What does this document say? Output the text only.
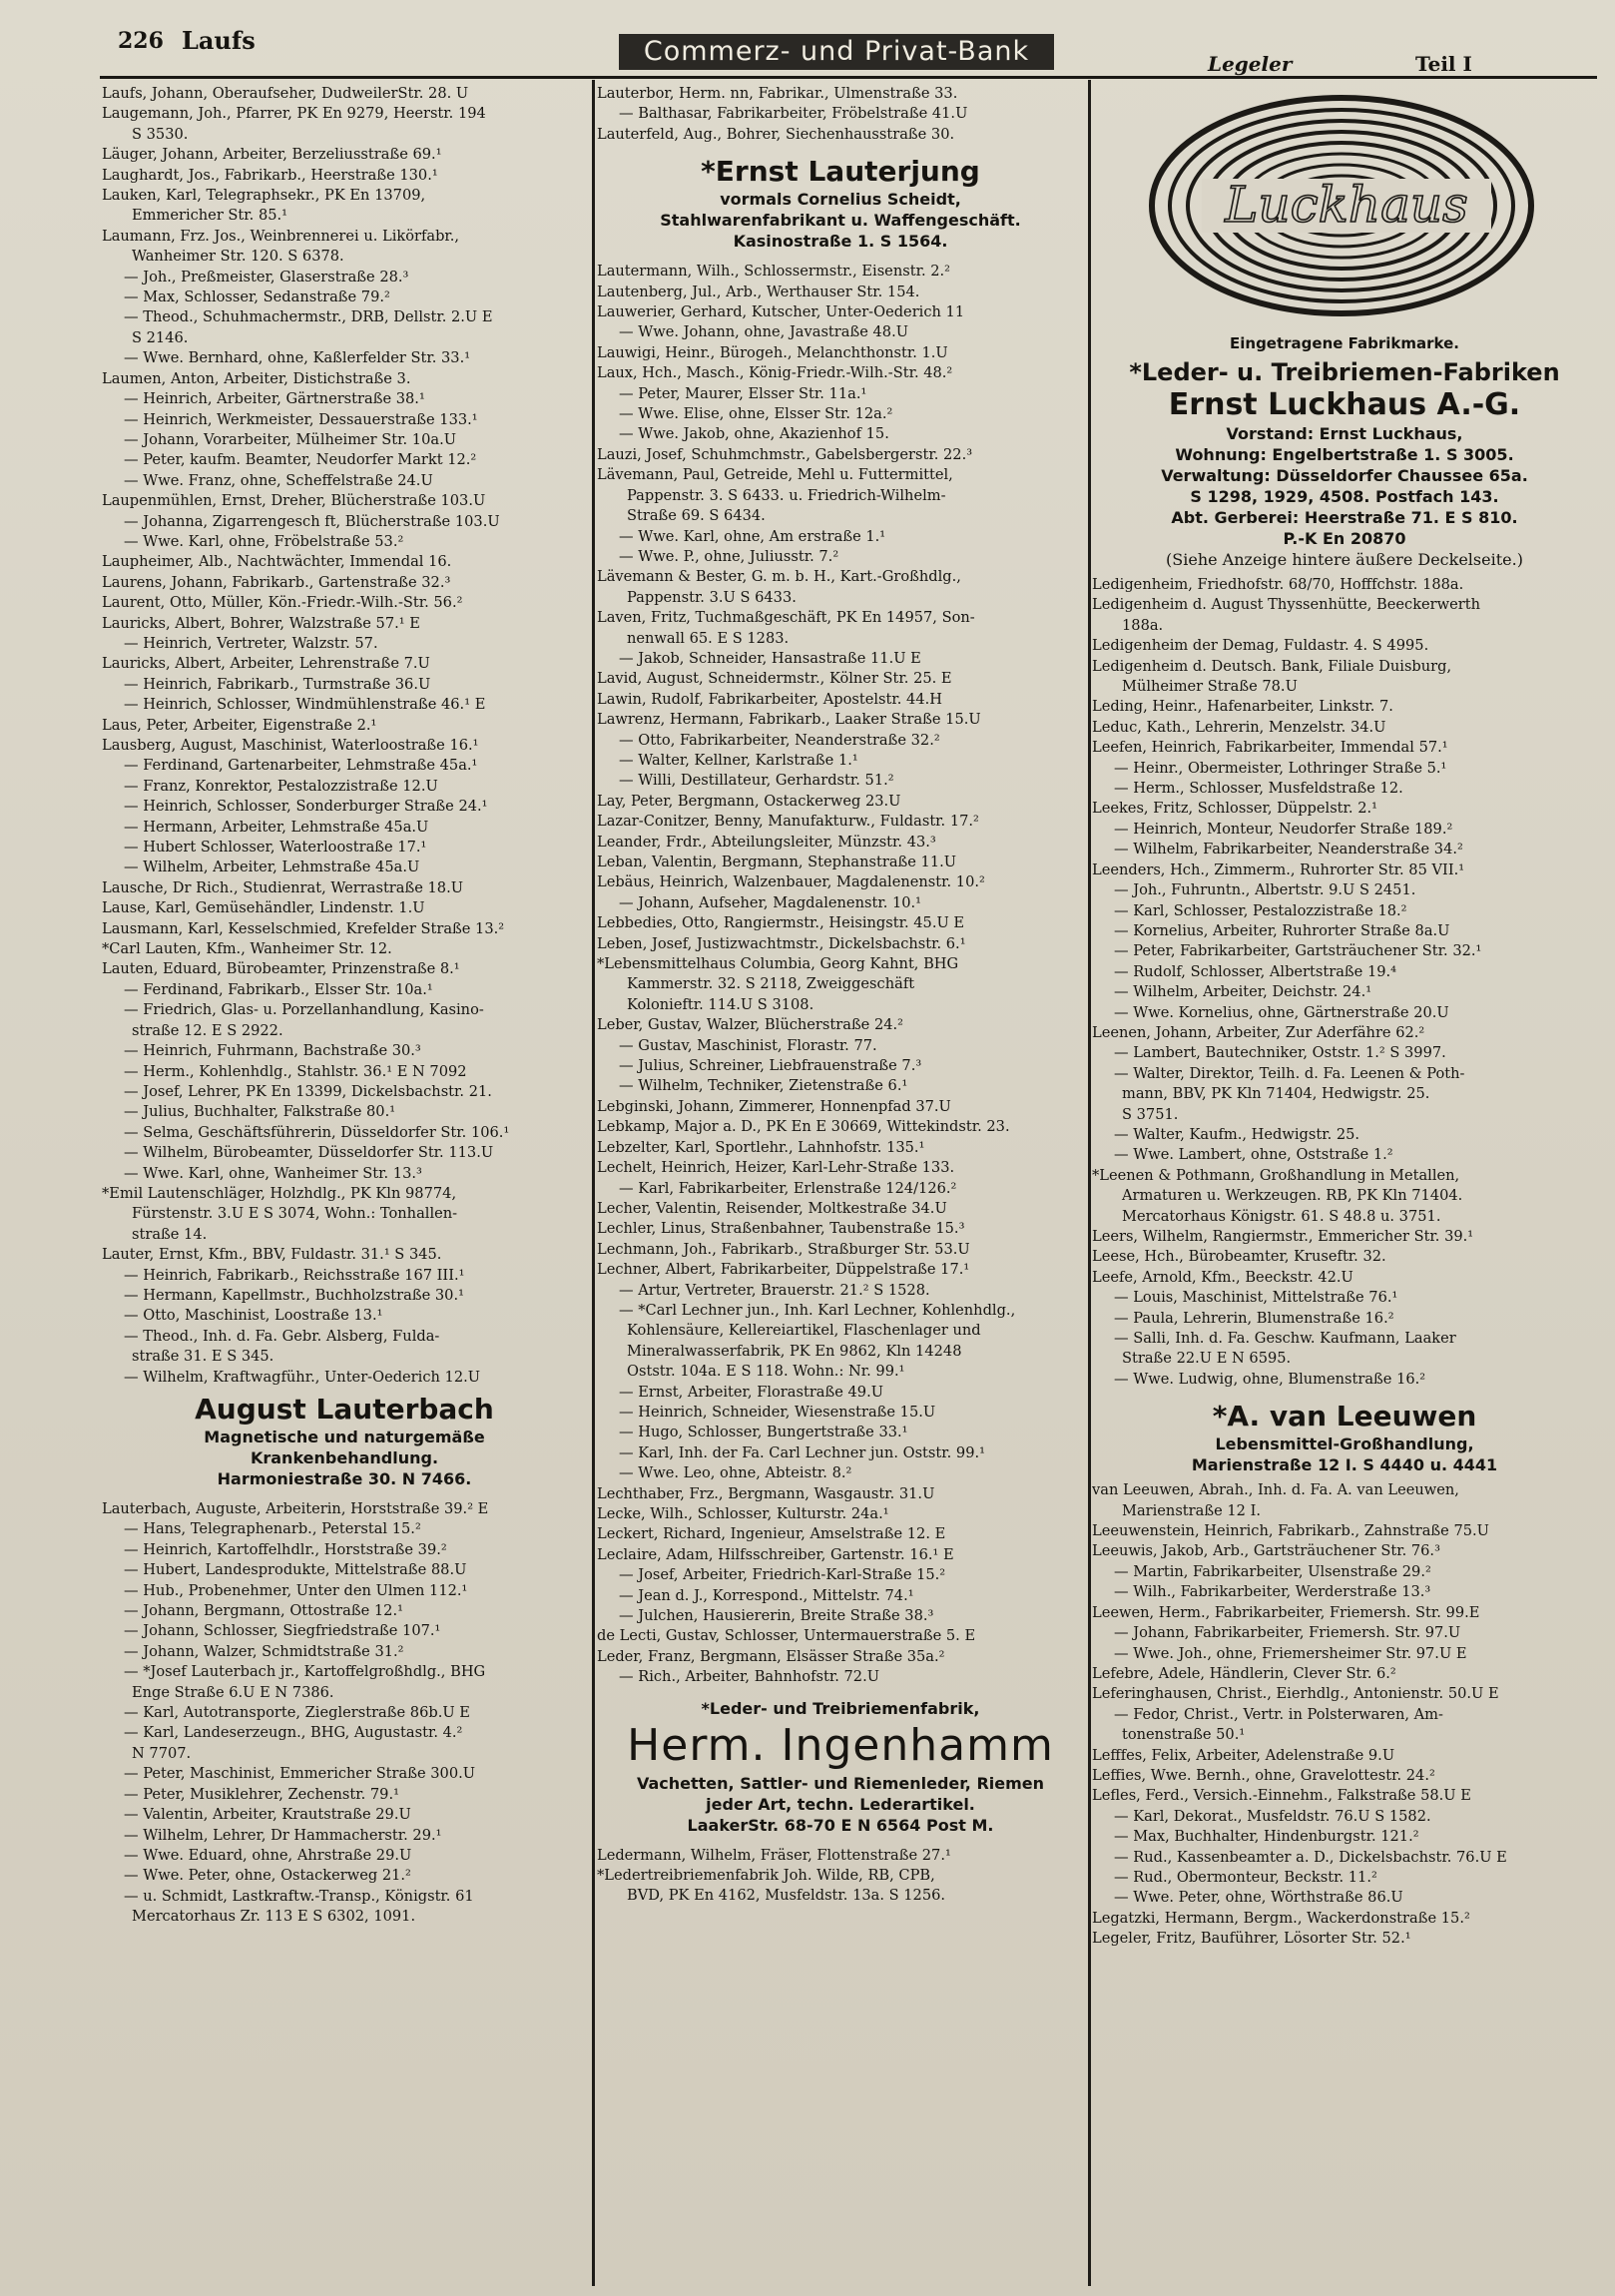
226 Laufs	Commerz- und Privat-Bank	Legeler	Teil I
Laufs, Johann, Oberaufseher, DudweilerStr. 28. U
Laugemann, Joh., Pfarrer, PK En 9279, Heerstr. 194
S 3530.
Läuger, Johann, Arbeiter, Berzeliusstraße 69.¹
Laughardt, Jos., Fabrikarb., Heerstraße 130.¹
Lauken, Karl, Telegraphsekr., PK En 13709,
Emmericher Str. 85.¹
Laumann, Frz. Jos., Weinbrennerei u. Likörfabr.,
Wanheimer Str. 120. S 6378.
— Joh., Preßmeister, Glaserstraße 28.³
— Max, Schlosser, Sedanstraße 79.²
— Theod., Schuhmachermstr., DRB, Dellstr. 2.U E
S 2146.
— Wwe. Bernhard, ohne, Kaßlerfelder Str. 33.¹
Laumen, Anton, Arbeiter, Distichstraße 3.
— Heinrich, Arbeiter, Gärtnerstraße 38.¹
— Heinrich, Werkmeister, Dessauerstraße 133.¹
— Johann, Vorarbeiter, Mülheimer Str. 10a.U
— Peter, kaufm. Beamter, Neudorfer Markt 12.²
— Wwe. Franz, ohne, Scheffelstraße 24.U
Laupenmühlen, Ernst, Dreher, Blücherstraße 103.U
— Johanna, Zigarrengesch ft, Blücherstraße 103.U
— Wwe. Karl, ohne, Fröbelstraße 53.²
Laupheimer, Alb., Nachtwächter, Immendal 16.
Laurens, Johann, Fabrikarb., Gartenstraße 32.³
Laurent, Otto, Müller, Kön.-Friedr.-Wilh.-Str. 56.²
Lauricks, Albert, Bohrer, Walzstraße 57.¹ E
— Heinrich, Vertreter, Walzstr. 57.
Lauricks, Albert, Arbeiter, Lehrenstraße 7.U
— Heinrich, Fabrikarb., Turmstraße 36.U
— Heinrich, Schlosser, Windmühlenstraße 46.¹ E
Laus, Peter, Arbeiter, Eigenstraße 2.¹
Lausberg, August, Maschinist, Waterloostraße 16.¹
— Ferdinand, Gartenarbeiter, Lehmstraße 45a.¹
— Franz, Konrektor, Pestalozzistraße 12.U
— Heinrich, Schlosser, Sonderburger Straße 24.¹
— Hermann, Arbeiter, Lehmstraße 45a.U
— Hubert Schlosser, Waterloostraße 17.¹
— Wilhelm, Arbeiter, Lehmstraße 45a.U
Lausche, Dr Rich., Studienrat, Werrastraße 18.U
Lause, Karl, Gemüsehändler, Lindenstr. 1.U
Lausmann, Karl, Kesselschmied, Krefelder Straße 13.²
*Carl Lauten, Kfm., Wanheimer Str. 12.
Lauten, Eduard, Bürobeamter, Prinzenstraße 8.¹
— Ferdinand, Fabrikarb., Elsser Str. 10a.¹
— Friedrich, Glas- u. Porzellanhandlung, Kasino-
straße 12. E S 2922.
— Heinrich, Fuhrmann, Bachstraße 30.³
— Herm., Kohlenhdlg., Stahlstr. 36.¹ E N 7092
— Josef, Lehrer, PK En 13399, Dickelsbachstr. 21.
— Julius, Buchhalter, Falkstraße 80.¹
— Selma, Geschäftsführerin, Düsseldorfer Str. 106.¹
— Wilhelm, Bürobeamter, Düsseldorfer Str. 113.U
— Wwe. Karl, ohne, Wanheimer Str. 13.³
*Emil Lautenschläger, Holzhdlg., PK Kln 98774,
Fürstenstr. 3.U E S 3074, Wohn.: Tonhallen-
straße 14.
Lauter, Ernst, Kfm., BBV, Fuldastr. 31.¹ S 345.
— Heinrich, Fabrikarb., Reichsstraße 167 III.¹
— Hermann, Kapellmstr., Buchholzstraße 30.¹
— Otto, Maschinist, Loostraße 13.¹
— Theod., Inh. d. Fa. Gebr. Alsberg, Fulda-
straße 31. E S 345.
— Wilhelm, Kraftwagführ., Unter-Oederich 12.U
August Lauterbach
Magnetische und naturgemäße
Krankenbehandlung.
Harmoniestraße 30. N 7466.
Lauterbach, Auguste, Arbeiterin, Horststraße 39.² E
— Hans, Telegraphenarb., Peterstal 15.²
— Heinrich, Kartoffelhdlr., Horststraße 39.²
— Hubert, Landesprodukte, Mittelstraße 88.U
— Hub., Probenehmer, Unter den Ulmen 112.¹
— Johann, Bergmann, Ottostraße 12.¹
— Johann, Schlosser, Siegfriedstraße 107.¹
— Johann, Walzer, Schmidtstraße 31.²
— *Josef Lauterbach jr., Kartoffelgroßhdlg., BHG
Enge Straße 6.U E N 7386.
— Karl, Autotransporte, Zieglerstraße 86b.U E
— Karl, Landeserzeugn., BHG, Augustastr. 4.²
N 7707.
— Peter, Maschinist, Emmericher Straße 300.U
— Peter, Musiklehrer, Zechenstr. 79.¹
— Valentin, Arbeiter, Krautstraße 29.U
— Wilhelm, Lehrer, Dr Hammacherstr. 29.¹
— Wwe. Eduard, ohne, Ahrstraße 29.U
— Wwe. Peter, ohne, Ostackerweg 21.²
— u. Schmidt, Lastkraftw.-Transp., Königstr. 61
Mercatorhaus Zr. 113 E S 6302, 1091.
Lauterbor, Herm. nn, Fabrikar., Ulmenstraße 33.
— Balthasar, Fabrikarbeiter, Fröbelstraße 41.U
Lauterfeld, Aug., Bohrer, Siechenhausstraße 30.
*Ernst Lauterjung
vormals Cornelius Scheidt,
Stahlwarenfabrikant u. Waffengeschäft.
Kasinostraße 1. S 1564.
Lautermann, Wilh., Schlossermstr., Eisenstr. 2.²
Lautenberg, Jul., Arb., Werthauser Str. 154.
Lauwerier, Gerhard, Kutscher, Unter-Oederich 11
— Wwe. Johann, ohne, Javastraße 48.U
Lauwigi, Heinr., Bürogeh., Melanchthonstr. 1.U
Laux, Hch., Masch., König-Friedr.-Wilh.-Str. 48.²
— Peter, Maurer, Elsser Str. 11a.¹
— Wwe. Elise, ohne, Elsser Str. 12a.²
— Wwe. Jakob, ohne, Akazienhof 15.
Lauzi, Josef, Schuhmchmstr., Gabelsbergerstr. 22.³
Lävemann, Paul, Getreide, Mehl u. Futtermittel,
Pappenstr. 3. S 6433. u. Friedrich-Wilhelm-
Straße 69. S 6434.
— Wwe. Karl, ohne, Am erstraße 1.¹
— Wwe. P., ohne, Juliusstr. 7.²
Lävemann & Bester, G. m. b. H., Kart.-Großhdlg.,
Pappenstr. 3.U S 6433.
Laven, Fritz, Tuchmaßgeschäft, PK En 14957, Son-
nenwall 65. E S 1283.
— Jakob, Schneider, Hansastraße 11.U E
Lavid, August, Schneidermstr., Kölner Str. 25. E
Lawin, Rudolf, Fabrikarbeiter, Apostelstr. 44.H
Lawrenz, Hermann, Fabrikarb., Laaker Straße 15.U
— Otto, Fabrikarbeiter, Neanderstraße 32.²
— Walter, Kellner, Karlstraße 1.¹
— Willi, Destillateur, Gerhardstr. 51.²
Lay, Peter, Bergmann, Ostackerweg 23.U
Lazar-Conitzer, Benny, Manufakturw., Fuldastr. 17.²
Leander, Frdr., Abteilungsleiter, Münzstr. 43.³
Leban, Valentin, Bergmann, Stephanstraße 11.U
Lebäus, Heinrich, Walzenbauer, Magdalenenstr. 10.²
— Johann, Aufseher, Magdalenenstr. 10.¹
Lebbedies, Otto, Rangiermstr., Heisingstr. 45.U E
Leben, Josef, Justizwachtmstr., Dickelsbachstr. 6.¹
*Lebensmittelhaus Columbia, Georg Kahnt, BHG
Kammerstr. 32. S 2118, Zweiggeschäft
Kolonieftr. 114.U S 3108.
Leber, Gustav, Walzer, Blücherstraße 24.²
— Gustav, Maschinist, Florastr. 77.
— Julius, Schreiner, Liebfrauenstraße 7.³
— Wilhelm, Techniker, Zietenstraße 6.¹
Lebginski, Johann, Zimmerer, Honnenpfad 37.U
Lebkamp, Major a. D., PK En E 30669, Wittekindstr. 23.
Lebzelter, Karl, Sportlehr., Lahnhofstr. 135.¹
Lechelt, Heinrich, Heizer, Karl-Lehr-Straße 133.
— Karl, Fabrikarbeiter, Erlenstraße 124/126.²
Lecher, Valentin, Reisender, Moltkestraße 34.U
Lechler, Linus, Straßenbahner, Taubenstraße 15.³
Lechmann, Joh., Fabrikarb., Straßburger Str. 53.U
Lechner, Albert, Fabrikarbeiter, Düppelstraße 17.¹
— Artur, Vertreter, Brauerstr. 21.² S 1528.
— *Carl Lechner jun., Inh. Karl Lechner, Kohlenhdlg.,
Kohlensäure, Kellereiartikel, Flaschenlager und
Mineralwasserfabrik, PK En 9862, Kln 14248
Oststr. 104a. E S 118. Wohn.: Nr. 99.¹
— Ernst, Arbeiter, Florastraße 49.U
— Heinrich, Schneider, Wiesenstraße 15.U
— Hugo, Schlosser, Bungertstraße 33.¹
— Karl, Inh. der Fa. Carl Lechner jun. Oststr. 99.¹
— Wwe. Leo, ohne, Abteistr. 8.²
Lechthaber, Frz., Bergmann, Wasgaustr. 31.U
Lecke, Wilh., Schlosser, Kulturstr. 24a.¹
Leckert, Richard, Ingenieur, Amselstraße 12. E
Leclaire, Adam, Hilfsschreiber, Gartenstr. 16.¹ E
— Josef, Arbeiter, Friedrich-Karl-Straße 15.²
— Jean d. J., Korrespond., Mittelstr. 74.¹
— Julchen, Hausiererin, Breite Straße 38.³
de Lecti, Gustav, Schlosser, Untermauerstraße 5. E
Leder, Franz, Bergmann, Elsässer Straße 35a.²
— Rich., Arbeiter, Bahnhofstr. 72.U
*Leder- und Treibriemenfabrik,
Herm. Ingenhamm
Vachetten, Sattler- und Riemenleder, Riemen
jeder Art, techn. Lederartikel.
LaakerStr. 68-70 E N 6564 Post M.
Ledermann, Wilhelm, Fräser, Flottenstraße 27.¹
*Ledertreibriemenfabrik Joh. Wilde, RB, CPB,
BVD, PK En 4162, Musfeldstr. 13a. S 1256.
Luckhaus
Eingetragene Fabrikmarke.
*Leder- u. Treibriemen-Fabriken
Ernst Luckhaus A.-G.
Vorstand: Ernst Luckhaus,
Wohnung: Engelbertstraße 1. S 3005.
Verwaltung: Düsseldorfer Chaussee 65a.
S 1298, 1929, 4508. Postfach 143.
Abt. Gerberei: Heerstraße 71. E S 810.
P.-K En 20870
(Siehe Anzeige hintere äußere Deckelseite.)
Ledigenheim, Friedhofstr. 68/70, Hofffchstr. 188a.
Ledigenheim d. August Thyssenhütte, Beeckerwerth
188a.
Ledigenheim der Demag, Fuldastr. 4. S 4995.
Ledigenheim d. Deutsch. Bank, Filiale Duisburg,
Mülheimer Straße 78.U
Leding, Heinr., Hafenarbeiter, Linkstr. 7.
Leduc, Kath., Lehrerin, Menzelstr. 34.U
Leefen, Heinrich, Fabrikarbeiter, Immendal 57.¹
— Heinr., Obermeister, Lothringer Straße 5.¹
— Herm., Schlosser, Musfeldstraße 12.
Leekes, Fritz, Schlosser, Düppelstr. 2.¹
— Heinrich, Monteur, Neudorfer Straße 189.²
— Wilhelm, Fabrikarbeiter, Neanderstraße 34.²
Leenders, Hch., Zimmerm., Ruhrorter Str. 85 VII.¹
— Joh., Fuhruntn., Albertstr. 9.U S 2451.
— Karl, Schlosser, Pestalozzistraße 18.²
— Kornelius, Arbeiter, Ruhrorter Straße 8a.U
— Peter, Fabrikarbeiter, Gartsträuchener Str. 32.¹
— Rudolf, Schlosser, Albertstraße 19.⁴
— Wilhelm, Arbeiter, Deichstr. 24.¹
— Wwe. Kornelius, ohne, Gärtnerstraße 20.U
Leenen, Johann, Arbeiter, Zur Aderfähre 62.²
— Lambert, Bautechniker, Oststr. 1.² S 3997.
— Walter, Direktor, Teilh. d. Fa. Leenen & Poth-
mann, BBV, PK Kln 71404, Hedwigstr. 25.
S 3751.
— Walter, Kaufm., Hedwigstr. 25.
— Wwe. Lambert, ohne, Oststraße 1.²
*Leenen & Pothmann, Großhandlung in Metallen,
Armaturen u. Werkzeugen. RB, PK Kln 71404.
Mercatorhaus Königstr. 61. S 48.8 u. 3751.
Leers, Wilhelm, Rangiermstr., Emmericher Str. 39.¹
Leese, Hch., Bürobeamter, Kruseftr. 32.
Leefe, Arnold, Kfm., Beeckstr. 42.U
— Louis, Maschinist, Mittelstraße 76.¹
— Paula, Lehrerin, Blumenstraße 16.²
— Salli, Inh. d. Fa. Geschw. Kaufmann, Laaker
Straße 22.U E N 6595.
— Wwe. Ludwig, ohne, Blumenstraße 16.²
*A. van Leeuwen
Lebensmittel-Großhandlung,
Marienstraße 12 I. S 4440 u. 4441
van Leeuwen, Abrah., Inh. d. Fa. A. van Leeuwen,
Marienstraße 12 I.
Leeuwenstein, Heinrich, Fabrikarb., Zahnstraße 75.U
Leeuwis, Jakob, Arb., Gartsträuchener Str. 76.³
— Martin, Fabrikarbeiter, Ulsenstraße 29.²
— Wilh., Fabrikarbeiter, Werderstraße 13.³
Leewen, Herm., Fabrikarbeiter, Friemersh. Str. 99.E
— Johann, Fabrikarbeiter, Friemersh. Str. 97.U
— Wwe. Joh., ohne, Friemersheimer Str. 97.U E
Lefebre, Adele, Händlerin, Clever Str. 6.²
Leferinghausen, Christ., Eierhdlg., Antonienstr. 50.U E
— Fedor, Christ., Vertr. in Polsterwaren, Am-
tonenstraße 50.¹
Lefffes, Felix, Arbeiter, Adelenstraße 9.U
Leffies, Wwe. Bernh., ohne, Gravelottestr. 24.²
Lefles, Ferd., Versich.-Einnehm., Falkstraße 58.U E
— Karl, Dekorat., Musfeldstr. 76.U S 1582.
— Max, Buchhalter, Hindenburgstr. 121.²
— Rud., Kassenbeamter a. D., Dickelsbachstr. 76.U E
— Rud., Obermonteur, Beckstr. 11.²
— Wwe. Peter, ohne, Wörthstraße 86.U
Legatzki, Hermann, Bergm., Wackerdonstraße 15.²
Legeler, Fritz, Bauführer, Lösorter Str. 52.¹
